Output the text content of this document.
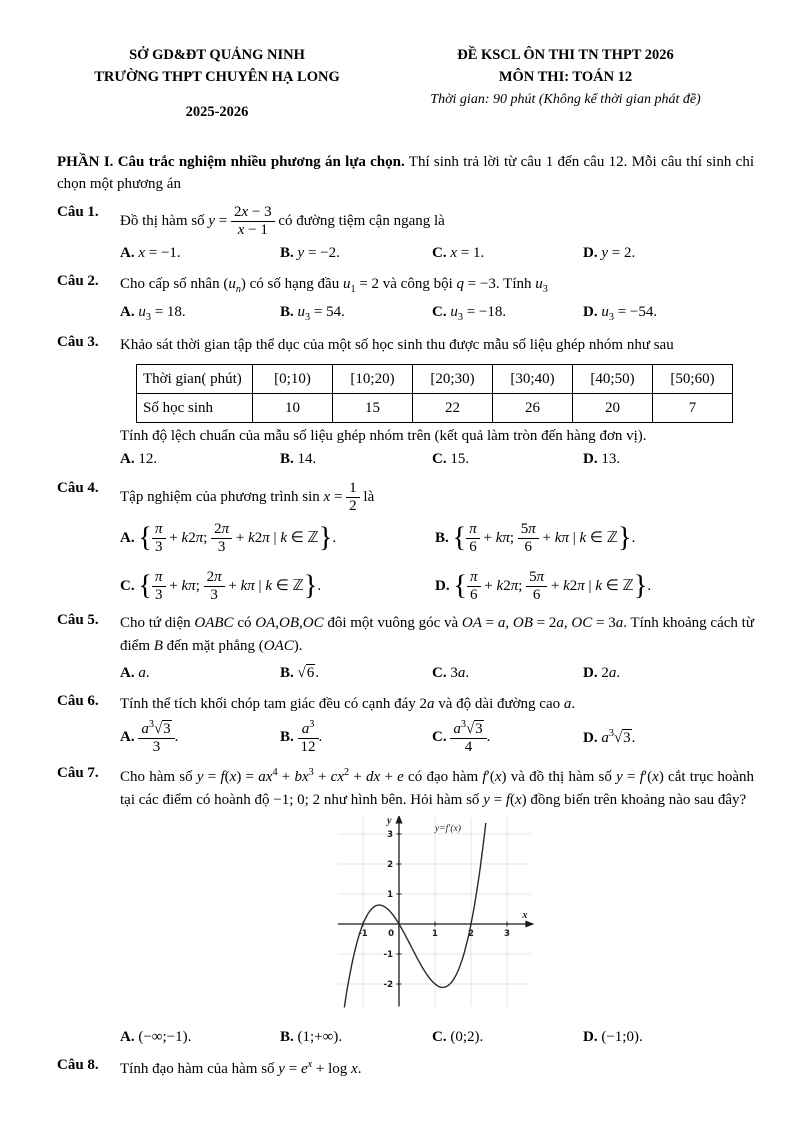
SỞ GD&ĐT QUẢNG NINH
TRƯỜNG THPT CHUYÊN HẠ LONG
2025-2026
ĐỀ KSCL ÔN THI TN THPT 2026
MÔN THI: TOÁN 12
Thời gian: 90 phút (Không kể thời gian phát đề)
PHẦN I. Câu trắc nghiệm nhiều phương án lựa chọn. Thí sinh trả lời từ câu 1 đến câu 12. Mỗi câu thí sinh chỉ chọn một phương án
Câu 1.
Đồ thị hàm số $y = \frac{2x - 3}{x - 1}$ có đường tiệm cận ngang là
A. x = −1.	B. y = −2.	C. x = 1.	D. y = 2.
Câu 2.	Cho cấp số nhân $(u_n)$ có số hạng đầu $u_1 = 2$ và công bội q = −3. Tính $u_3$
A. $u_3 = 18$.	B. $u_3 = 54$.	C. $u_3 = -18$.	D. $u_3 = -54$.
Câu 3.	Khảo sát thời gian tập thể dục của một số học sinh thu được mẫu số liệu ghép nhóm như sau
Thời gian( phút)	[0;10)	[10;20)	[20;30)	[30;40)	[40;50)	[50;60)
Số học sinh	10	15	22	26	20	7
Tính độ lệch chuẩn của mẫu số liệu ghép nhóm trên (kết quả làm tròn đến hàng đơn vị).
A. 12.	B. 14.	C. 15.	D. 13.
Câu 4.
Tập nghiệm của phương trình $\sin x = \frac{1}{2}$ là
A. { $\frac{\pi}{3} + k2\pi$; $\frac{2\pi}{3} + k2\pi$ | k ∈ ℤ}.	B. { $\frac{\pi}{6} + k\pi$; $\frac{5\pi}{6} + k\pi$ | k ∈ ℤ}.
C. { $\frac{\pi}{3} + k\pi$; $\frac{2\pi}{3} + k\pi$ | k ∈ ℤ}.	D. { $\frac{\pi}{6} + k2\pi$; $\frac{5\pi}{6} + k2\pi$ | k ∈ ℤ}.
Câu 5.	Cho tứ diện OABC có OA,OB,OC đôi một vuông góc và OA = a, OB = 2a, OC = 3a. Tính khoảng cách từ điểm B đến mặt phẳng (OAC).
A. a.	B. √6.	C. 3a.	D. 2a.
Câu 6.	Tính thể tích khối chóp tam giác đều có cạnh đáy 2a và độ dài đường cao a.
A. $\frac{a^3√3}{3}$ .	B. $\frac{a^3}{12}$ .	C. $\frac{a^3√3}{4}$ .	D. $a^3√3$.
Câu 7.	Cho hàm số $y = f(x) = ax^4 + bx^3 + cx^2$ + dx + e có đạo hàm f′(x) và đồ thị hàm số y = f′(x) cắt trục hoành tại các điểm có hoành độ −1; 0; 2 như hình bên. Hỏi hàm số y = f(x) đồng biến trên khoảng nào sau đây?
-1 0	1	2	3
-2
-1
1
2
3
y
x
y=f′(x)
A. (−∞;−1).	B. (1;+∞).	C. (0;2).	D. (−1;0).
Câu 8.	Tính đạo hàm của hàm số $y = e^x + \log x$.
